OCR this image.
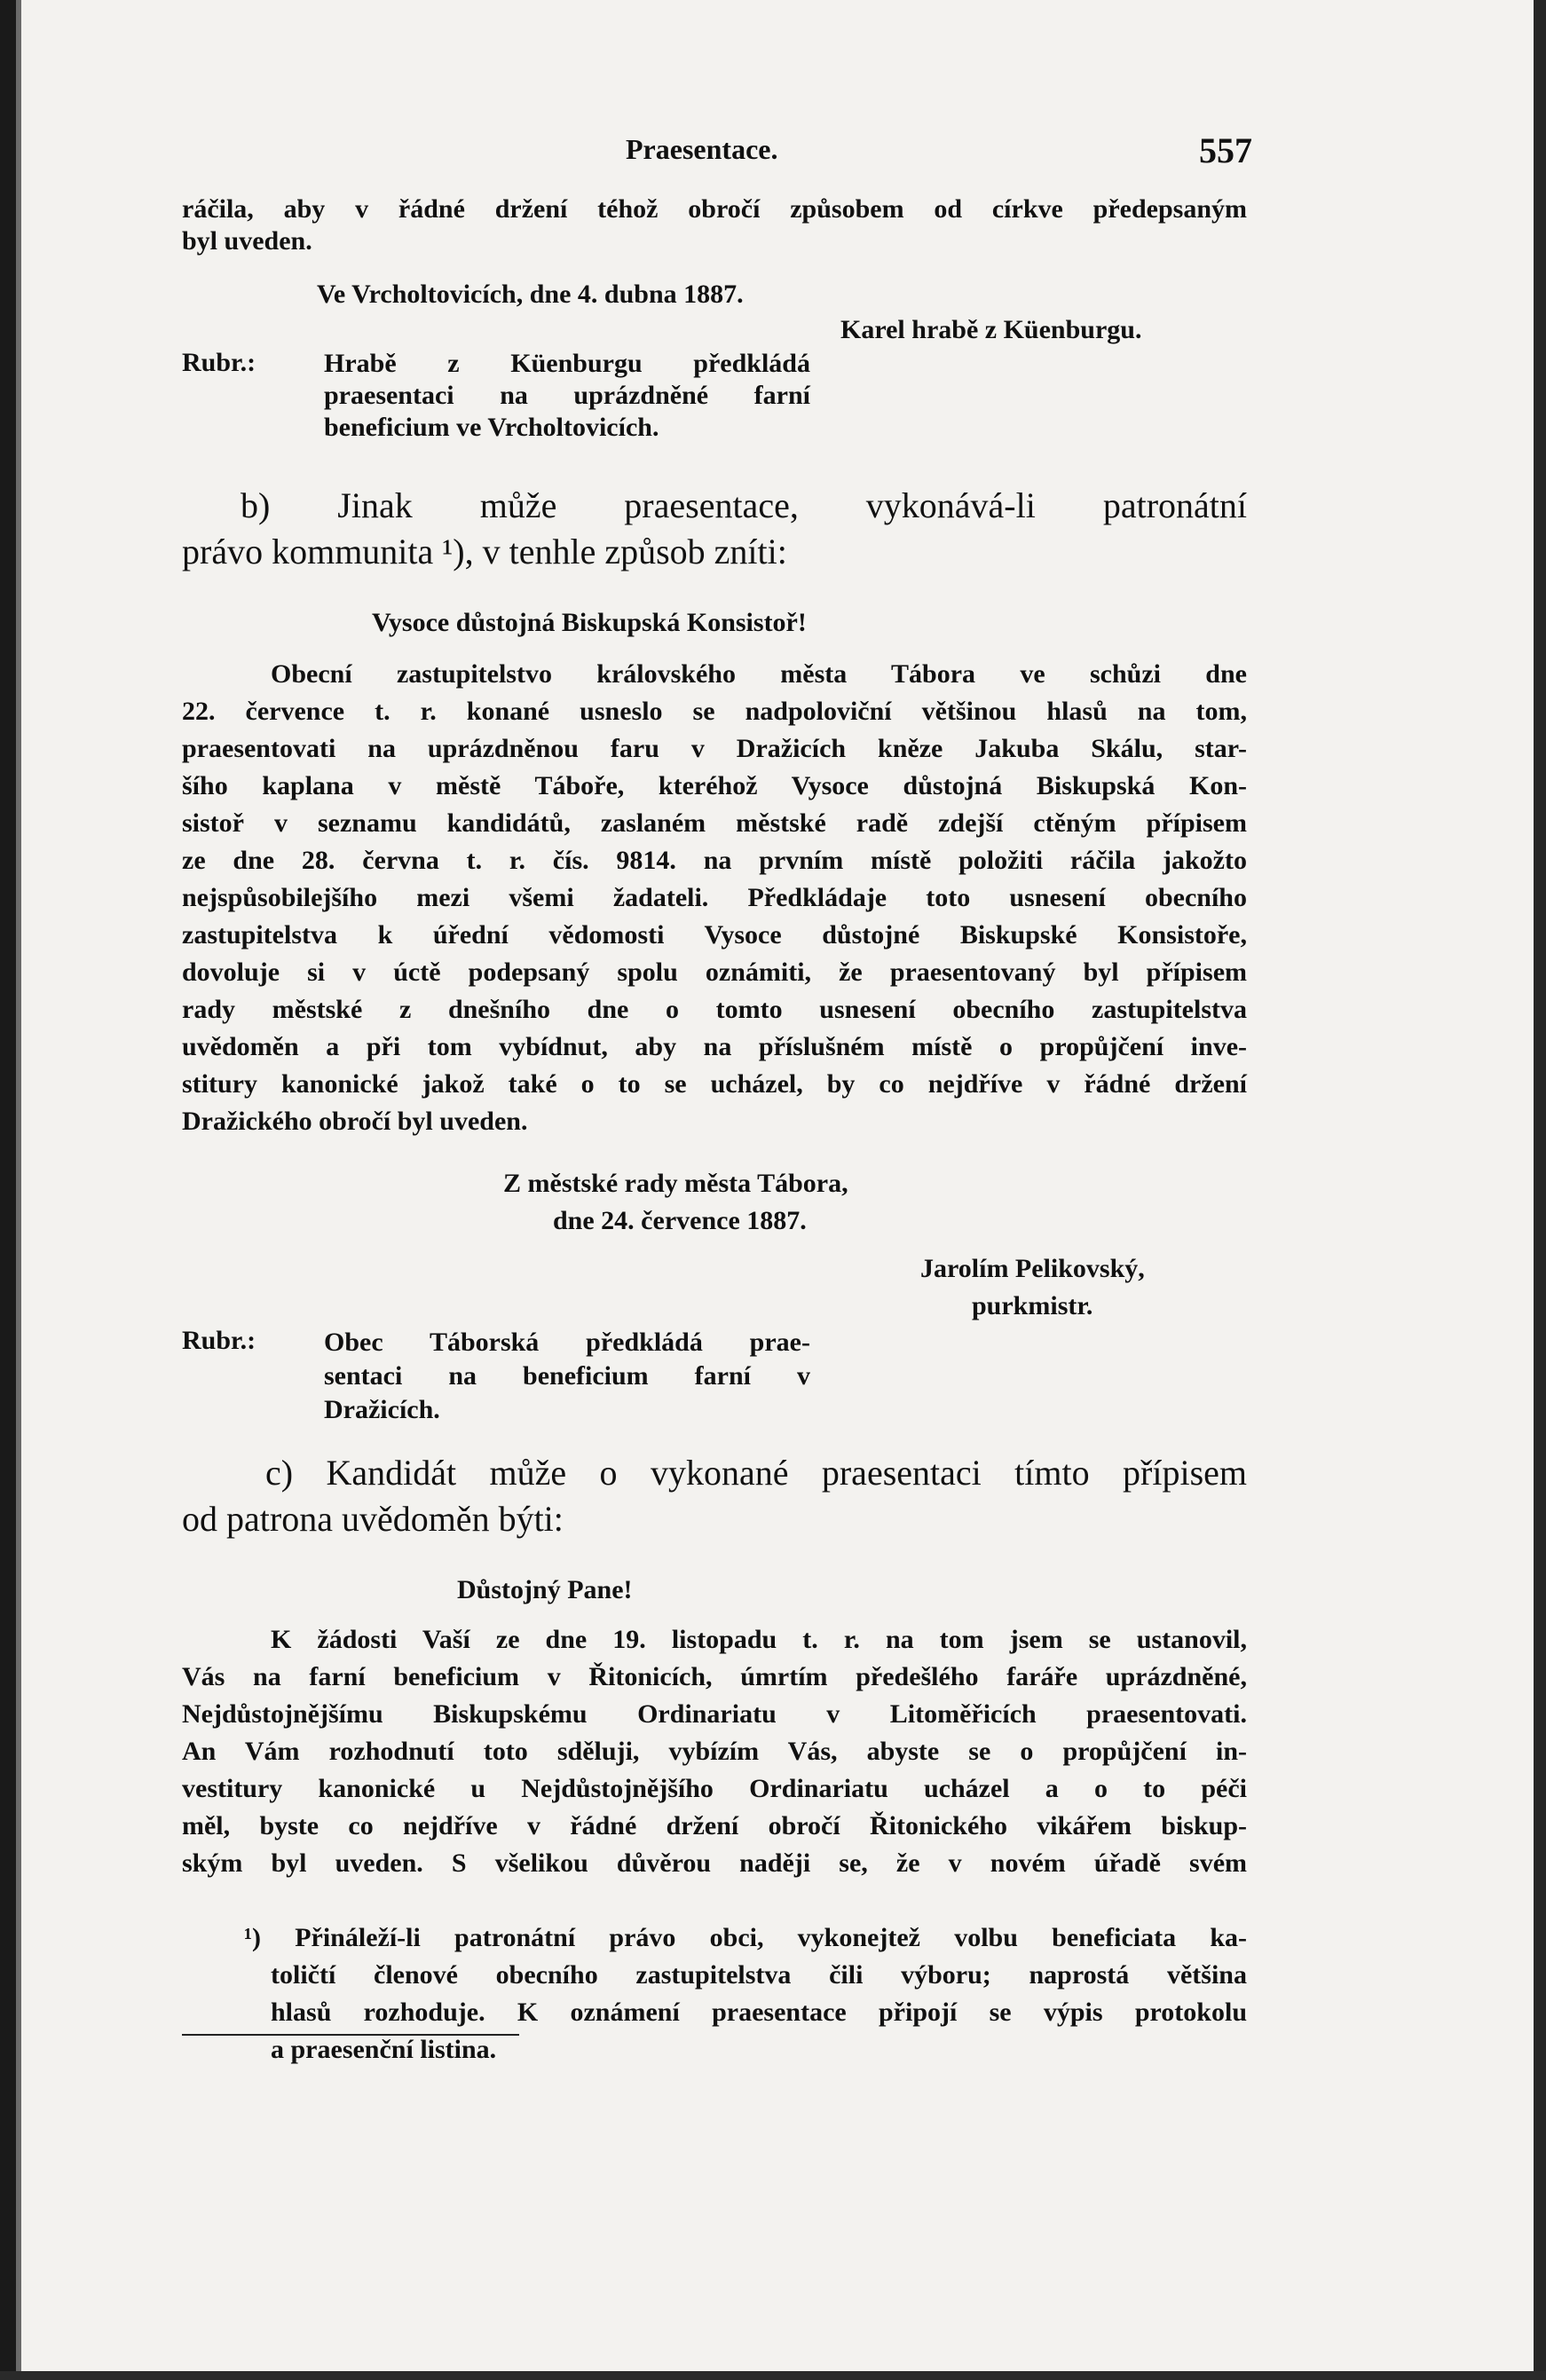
Praesentace.	557
ráčila, aby v řádné držení téhož obročí způsobem od církve předepsaným
byl uveden.
Ve Vrcholtovicích, dne 4. dubna 1887.
Karel hrabě z Küenburgu.
Rubr.:	Hrabě z Küenburgu předkládá
praesentaci na uprázdněné farní
beneficium ve Vrcholtovicích.
b) Jinak může praesentace, vykonává-li patronátní
právo kommunita ¹), v tenhle způsob zníti:
Vysoce důstojná Biskupská Konsistoř!
Obecní zastupitelstvo královského města Tábora ve schůzi dne
22. července t. r. konané usneslo se nadpoloviční většinou hlasů na tom,
praesentovati na uprázdněnou faru v Dražicích kněze Jakuba Skálu, star-
šího kaplana v městě Táboře, kteréhož Vysoce důstojná Biskupská Kon-
sistoř v seznamu kandidátů, zaslaném městské radě zdejší ctěným přípisem
ze dne 28. června t. r. čís. 9814. na prvním místě položiti ráčila jakožto
nejspůsobilejšího mezi všemi žadateli. Předkládaje toto usnesení obecního
zastupitelstva k úřední vědomosti Vysoce důstojné Biskupské Konsistoře,
dovoluje si v úctě podepsaný spolu oznámiti, že praesentovaný byl přípisem
rady městské z dnešního dne o tomto usnesení obecního zastupitelstva
uvědoměn a při tom vybídnut, aby na příslušném místě o propůjčení inve-
stitury kanonické jakož také o to se ucházel, by co nejdříve v řádné držení
Dražického obročí byl uveden.
Z městské rady města Tábora,
dne 24. července 1887.
Jarolím Pelikovský,
purkmistr.
Rubr.:	Obec Táborská předkládá prae-
sentaci na beneficium farní v
Dražicích.
c) Kandidát může o vykonané praesentaci tímto přípisem
od patrona uvědoměn býti:
Důstojný Pane!
K žádosti Vaší ze dne 19. listopadu t. r. na tom jsem se ustanovil,
Vás na farní beneficium v Řitonicích, úmrtím předešlého faráře uprázdněné,
Nejdůstojnějšímu Biskupskému Ordinariatu v Litoměřicích praesentovati.
An Vám rozhodnutí toto sděluji, vybízím Vás, abyste se o propůjčení in-
vestitury kanonické u Nejdůstojnějšího Ordinariatu ucházel a o to péči
měl, byste co nejdříve v řádné držení obročí Řitonického vikářem biskup-
ským byl uveden. S všelikou důvěrou naději se, že v novém úřadě svém
¹) Přináleží-li patronátní právo obci, vykonejtež volbu beneficiata ka-
toličtí členové obecního zastupitelstva čili výboru; naprostá většina
hlasů rozhoduje. K oznámení praesentace připojí se výpis protokolu
a praesenční listina.
